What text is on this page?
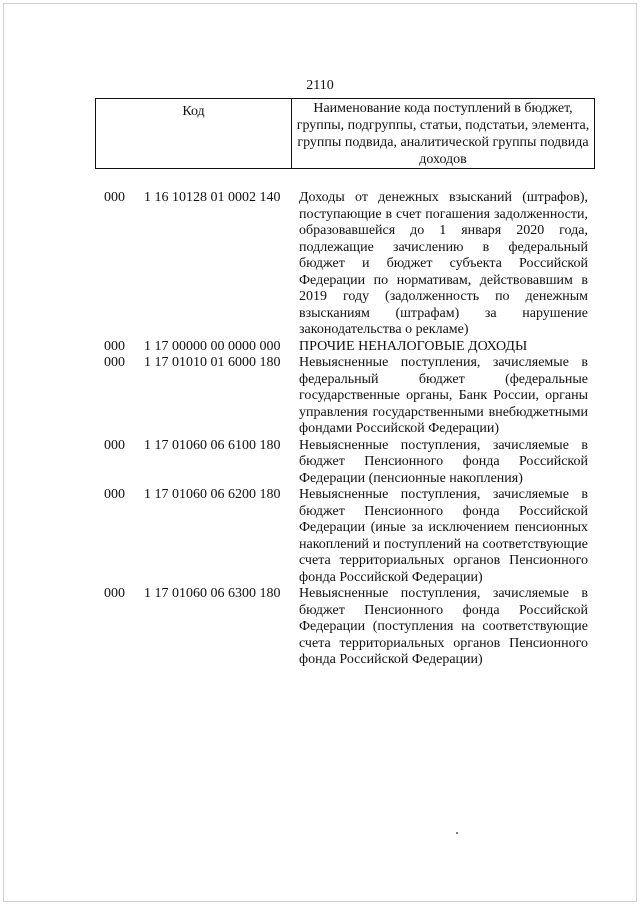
2110
Код	Наименование кода поступлений в бюджет, группы, подгруппы, статьи, подстатьи, элемента, группы подвида, аналитической группы подвида доходов
000	1 16 10128 01 0002 140	Доходы от денежных взысканий (штрафов), поступающие в счет погашения задолженности, образовавшейся до 1 января 2020 года, подлежащие зачислению в федеральный бюджет и бюджет субъекта Российской Федерации по нормативам, действовавшим в 2019 году (задолженность по денежным взысканиям (штрафам) за нарушение законодательства о рекламе)
000	1 17 00000 00 0000 000	ПРОЧИЕ НЕНАЛОГОВЫЕ ДОХОДЫ
000	1 17 01010 01 6000 180	Невыясненные поступления, зачисляемые в федеральный бюджет (федеральные государственные органы, Банк России, органы управления государственными внебюджетными фондами Российской Федерации)
000	1 17 01060 06 6100 180	Невыясненные поступления, зачисляемые в бюджет Пенсионного фонда Российской Федерации (пенсионные накопления)
000	1 17 01060 06 6200 180	Невыясненные поступления, зачисляемые в бюджет Пенсионного фонда Российской Федерации (иные за исключением пенсионных накоплений и поступлений на соответствующие счета территориальных органов Пенсионного фонда Российской Федерации)
000	1 17 01060 06 6300 180	Невыясненные поступления, зачисляемые в бюджет Пенсионного фонда Российской Федерации (поступления на соответствующие счета территориальных органов Пенсионного фонда Российской Федерации)
